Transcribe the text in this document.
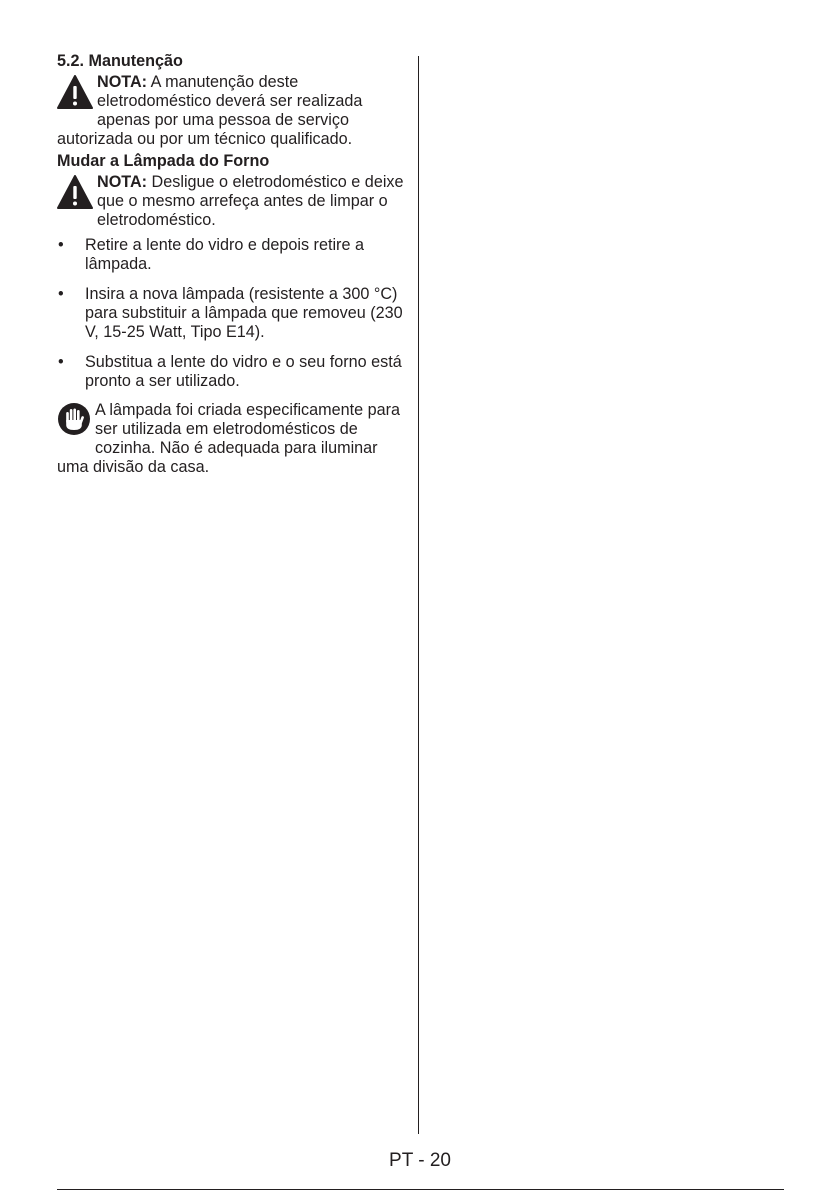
5.2. Manutenção

NOTA: A manutenção deste eletrodoméstico deverá ser realizada apenas por uma pessoa de serviço autorizada ou por um técnico qualificado.

Mudar a Lâmpada do Forno

NOTA: Desligue o eletrodoméstico e deixe que o mesmo arrefeça antes de limpar o eletrodoméstico.

• Retire a lente do vidro e depois retire a lâmpada.
• Insira a nova lâmpada (resistente a 300 °C) para substituir a lâmpada que removeu (230 V, 15-25 Watt, Tipo E14).
• Substitua a lente do vidro e o seu forno está pronto a ser utilizado.

A lâmpada foi criada especificamente para ser utilizada em eletrodomésticos de cozinha. Não é adequada para iluminar uma divisão da casa.

PT - 20
